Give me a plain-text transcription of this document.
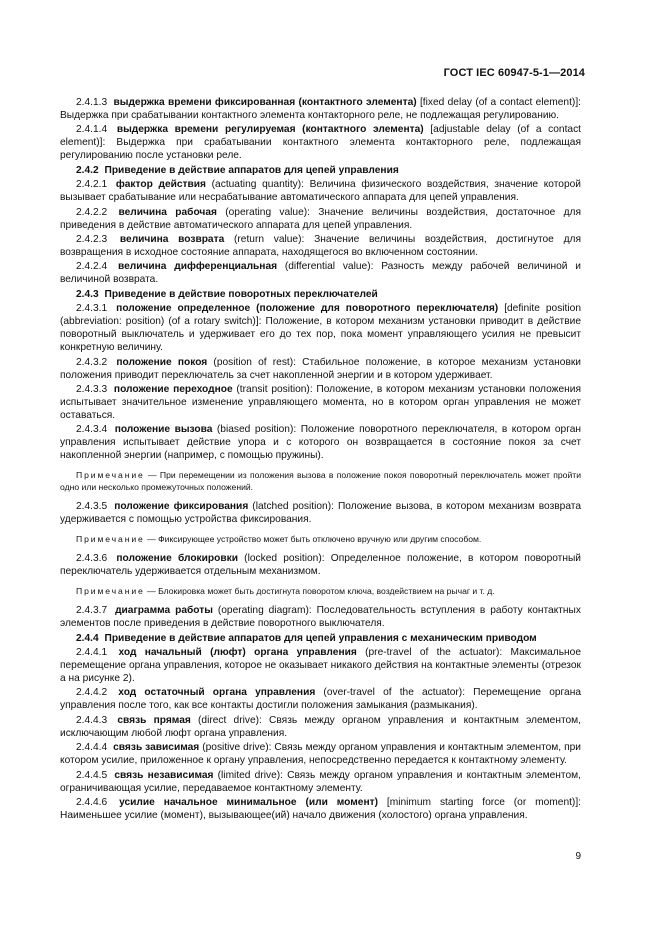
ГОСТ IEC 60947-5-1—2014

2.4.1.3 выдержка времени фиксированная (контактного элемента) [fixed delay (of a contact element)]: Выдержка при срабатывании контактного элемента контакторного реле, не подлежащая регулированию.

2.4.1.4 выдержка времени регулируемая (контактного элемента) [adjustable delay (of a contact element)]: Выдержка при срабатывании контактного элемента контакторного реле, подлежащая регулированию после установки реле.

2.4.2 Приведение в действие аппаратов для цепей управления

2.4.2.1 фактор действия (actuating quantity): Величина физического воздействия, значение которой вызывает срабатывание или несрабатывание автоматического аппарата для цепей управления.

2.4.2.2 величина рабочая (operating value): Значение величины воздействия, достаточное для приведения в действие автоматического аппарата для цепей управления.

2.4.2.3 величина возврата (return value): Значение величины воздействия, достигнутое для возвращения в исходное состояние аппарата, находящегося во включенном состоянии.

2.4.2.4 величина дифференциальная (differential value): Разность между рабочей величиной и величиной возврата.

2.4.3 Приведение в действие поворотных переключателей

2.4.3.1 положение определенное (положение для поворотного переключателя) [definite position (abbreviation: position) (of a rotary switch)]: Положение, в котором механизм установки приводит в действие поворотный выключатель и удерживает его до тех пор, пока момент управляющего усилия не превысит конкретную величину.

2.4.3.2 положение покоя (position of rest): Стабильное положение, в которое механизм установки положения приводит переключатель за счет накопленной энергии и в котором удерживает.

2.4.3.3 положение переходное (transit position): Положение, в котором механизм установки положения испытывает значительное изменение управляющего момента, но в котором орган управления не может оставаться.

2.4.3.4 положение вызова (biased position): Положение поворотного переключателя, в котором орган управления испытывает действие упора и с которого он возвращается в состояние покоя за счет накопленной энергии (например, с помощью пружины).

Примечание — При перемещении из положения вызова в положение покоя поворотный переключатель может пройти одно или несколько промежуточных положений.

2.4.3.5 положение фиксирования (latched position): Положение вызова, в котором механизм возврата удерживается с помощью устройства фиксирования.

Примечание — Фиксирующее устройство может быть отключено вручную или другим способом.

2.4.3.6 положение блокировки (locked position): Определенное положение, в котором поворотный переключатель удерживается отдельным механизмом.

Примечание — Блокировка может быть достигнута поворотом ключа, воздействием на рычаг и т. д.

2.4.3.7 диаграмма работы (operating diagram): Последовательность вступления в работу контактных элементов после приведения в действие поворотного выключателя.

2.4.4 Приведение в действие аппаратов для цепей управления с механическим приводом

2.4.4.1 ход начальный (люфт) органа управления (pre-travel of the actuator): Максимальное перемещение органа управления, которое не оказывает никакого действия на контактные элементы (отрезок a на рисунке 2).

2.4.4.2 ход остаточный органа управления (over-travel of the actuator): Перемещение органа управления после того, как все контакты достигли положения замыкания (размыкания).

2.4.4.3 связь прямая (direct drive): Связь между органом управления и контактным элементом, исключающим любой люфт органа управления.

2.4.4.4 связь зависимая (positive drive): Связь между органом управления и контактным элементом, при котором усилие, приложенное к органу управления, непосредственно передается к контактному элементу.

2.4.4.5 связь независимая (limited drive): Связь между органом управления и контактным элементом, ограничивающая усилие, передаваемое контактному элементу.

2.4.4.6 усилие начальное минимальное (или момент) [minimum starting force (or moment)]: Наименьшее усилие (момент), вызывающее(ий) начало движения (холостого) органа управления.

9
